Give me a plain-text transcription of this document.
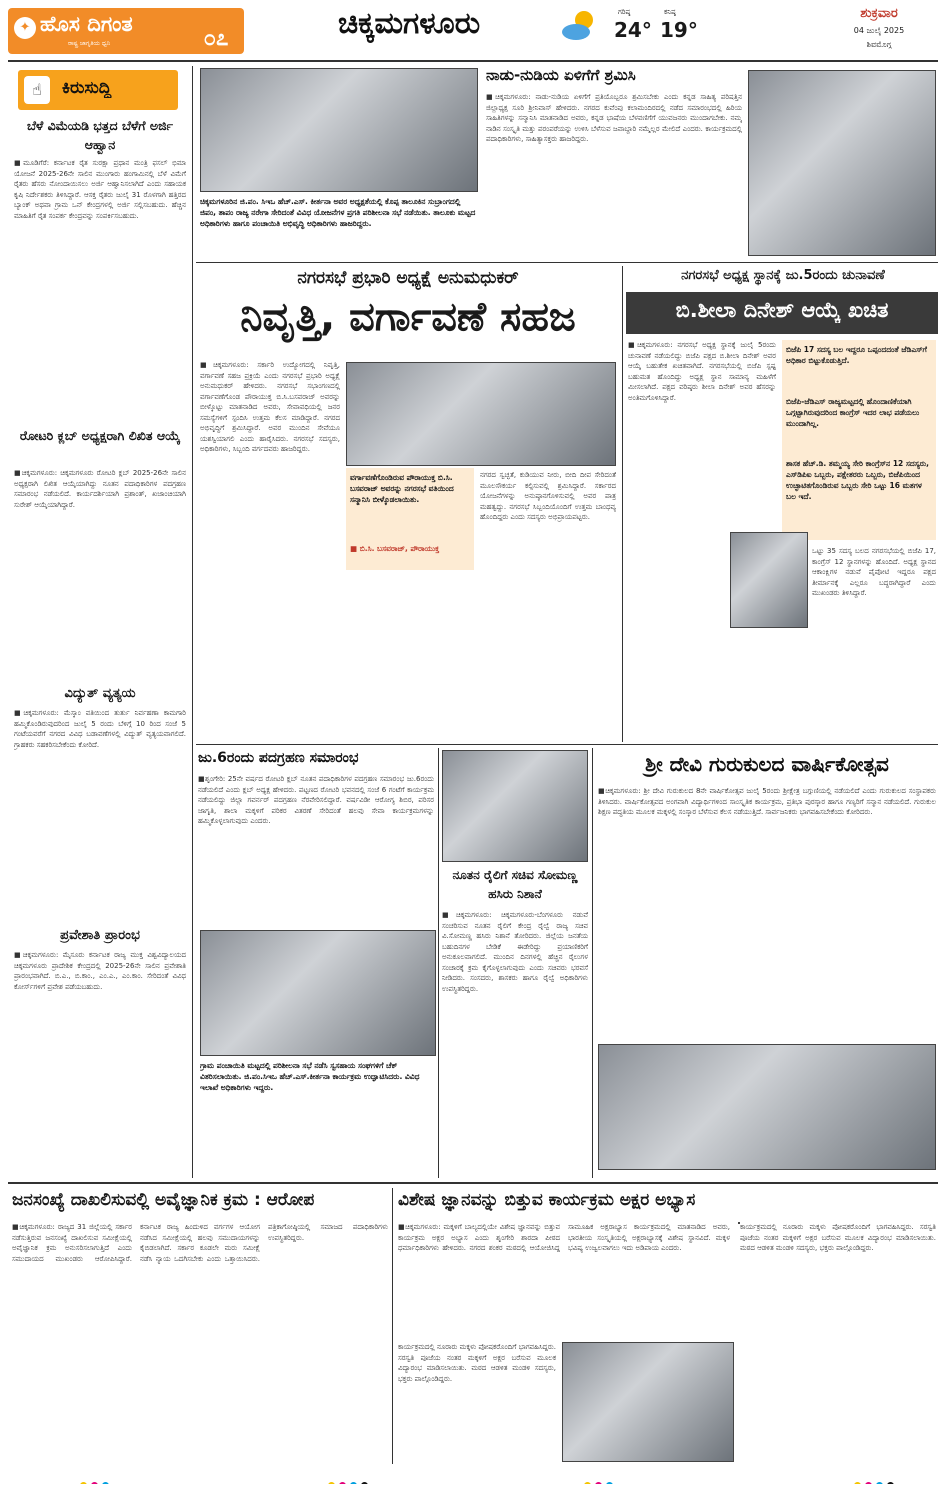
✦ ಹೊಸ ದಿಗಂತ
ರಾಷ್ಟ್ರ ಜಾಗೃತಿಯ ಧ್ವನಿ	೦೭	ಚಿಕ್ಕಮಗಳೂರು	ಗರಿಷ್ಠ
24°
ಕನಿಷ್ಠ
19°
ಶುಕ್ರವಾರ
04 ಜುಲೈ 2025
ಶಿವಮೊಗ್ಗ
☝	ಕಿರುಸುದ್ದಿ
ಬೆಳೆ ವಿಮೆಯಡಿ ಭತ್ತದ ಬೆಳೆಗೆ ಅರ್ಜಿ ಆಹ್ವಾನ
■ಮೂಡಿಗೆರೆ: ಕರ್ನಾಟಕ ರೈತ ಸುರಕ್ಷಾ ಪ್ರಧಾನ ಮಂತ್ರಿ ಫಸಲ್ ಭಿಮಾ ಯೋಜನೆ 2025-26ನೇ ಸಾಲಿನ ಮುಂಗಾರು ಹಂಗಾಮಿನಲ್ಲಿ ಬೆಳೆ ವಿಮೆಗೆ ರೈತರು ಹೆಸರು ನೋಂದಾಯಿಸಲು ಅರ್ಜಿ ಆಹ್ವಾನಿಸಲಾಗಿದೆ ಎಂದು ಸಹಾಯಕ ಕೃಷಿ ನಿರ್ದೇಶಕರು ತಿಳಿಸಿದ್ದಾರೆ. ಆಸಕ್ತ ರೈತರು ಜುಲೈ 31 ರೊಳಗಾಗಿ ಹತ್ತಿರದ ಬ್ಯಾಂಕ್ ಅಥವಾ ಗ್ರಾಮ ಒನ್ ಕೇಂದ್ರಗಳಲ್ಲಿ ಅರ್ಜಿ ಸಲ್ಲಿಸಬಹುದು. ಹೆಚ್ಚಿನ ಮಾಹಿತಿಗೆ ರೈತ ಸಂಪರ್ಕ ಕೇಂದ್ರವನ್ನು ಸಂಪರ್ಕಿಸಬಹುದು.
ರೋಟರಿ ಕ್ಲಬ್ ಅಧ್ಯಕ್ಷರಾಗಿ ಲಿಖಿತ ಆಯ್ಕೆ
■ಚಿಕ್ಕಮಗಳೂರು: ಚಿಕ್ಕಮಗಳೂರು ರೋಟರಿ ಕ್ಲಬ್ 2025-26ನೇ ಸಾಲಿನ ಅಧ್ಯಕ್ಷರಾಗಿ ಲಿಖಿತ ಆಯ್ಕೆಯಾಗಿದ್ದು ನೂತನ ಪದಾಧಿಕಾರಿಗಳ ಪದಗ್ರಹಣ ಸಮಾರಂಭ ನಡೆಯಲಿದೆ. ಕಾರ್ಯದರ್ಶಿಯಾಗಿ ಪ್ರಶಾಂತ್, ಖಜಾಂಚಿಯಾಗಿ ಸುರೇಶ್ ಆಯ್ಕೆಯಾಗಿದ್ದಾರೆ.
ವಿದ್ಯುತ್ ವ್ಯತ್ಯಯ
■ಚಿಕ್ಕಮಗಳೂರು: ಮೆಸ್ಕಾಂ ವತಿಯಿಂದ ತುರ್ತು ನಿರ್ವಹಣಾ ಕಾಮಗಾರಿ ಹಮ್ಮಿಕೊಂಡಿರುವುದರಿಂದ ಜುಲೈ 5 ರಂದು ಬೆಳಿಗ್ಗೆ 10 ರಿಂದ ಸಂಜೆ 5 ಗಂಟೆಯವರೆಗೆ ನಗರದ ವಿವಿಧ ಬಡಾವಣೆಗಳಲ್ಲಿ ವಿದ್ಯುತ್ ವ್ಯತ್ಯಯವಾಗಲಿದೆ. ಗ್ರಾಹಕರು ಸಹಕರಿಸಬೇಕೆಂದು ಕೋರಿದೆ.
ಪ್ರವೇಶಾತಿ ಪ್ರಾರಂಭ
■ಚಿಕ್ಕಮಗಳೂರು: ಮೈಸೂರು ಕರ್ನಾಟಕ ರಾಜ್ಯ ಮುಕ್ತ ವಿಶ್ವವಿದ್ಯಾಲಯದ ಚಿಕ್ಕಮಗಳೂರು ಪ್ರಾದೇಶಿಕ ಕೇಂದ್ರದಲ್ಲಿ 2025-26ನೇ ಸಾಲಿನ ಪ್ರವೇಶಾತಿ ಪ್ರಾರಂಭವಾಗಿದೆ. ಬಿ.ಎ., ಬಿ.ಕಾಂ., ಎಂ.ಎ., ಎಂ.ಕಾಂ. ಸೇರಿದಂತೆ ವಿವಿಧ ಕೋರ್ಸ್‌ಗಳಿಗೆ ಪ್ರವೇಶ ಪಡೆಯಬಹುದು.
ಚಿಕ್ಕಮಗಳೂರಿನ ಜಿ.ಪಂ. ಸಿಇಒ ಹೆಚ್.ಎಸ್. ಕೀರ್ತನಾ ಅವರ ಅಧ್ಯಕ್ಷತೆಯಲ್ಲಿ ಕೊಪ್ಪ ತಾಲೂಕಿನ ಸುಬ್ರಾಂಗದಲ್ಲಿ ಜಿಪಂ, ತಾಪಂ ರಾಜ್ಯ ನರೇಗಾ ಸೇರಿದಂತೆ ವಿವಿಧ ಯೋಜನೆಗಳ ಪ್ರಗತಿ ಪರಿಶೀಲನಾ ಸಭೆ ನಡೆಯಿತು. ತಾಲೂಕು ಮಟ್ಟದ ಅಧಿಕಾರಿಗಳು ಹಾಗೂ ಪಂಚಾಯಿತಿ ಅಭಿವೃದ್ಧಿ ಅಧಿಕಾರಿಗಳು ಹಾಜರಿದ್ದರು.
ನಾಡು-ನುಡಿಯ ಏಳಿಗೆಗೆ ಶ್ರಮಿಸಿ
■ಚಿಕ್ಕಮಗಳೂರು: ನಾಡು-ನುಡಿಯ ಏಳಿಗೆಗೆ ಪ್ರತಿಯೊಬ್ಬರೂ ಶ್ರಮಿಸಬೇಕು ಎಂದು ಕನ್ನಡ ಸಾಹಿತ್ಯ ಪರಿಷತ್ತಿನ ಜಿಲ್ಲಾಧ್ಯಕ್ಷ ಸೂರಿ ಶ್ರೀನಿವಾಸ್ ಹೇಳಿದರು. ನಗರದ ಕುವೆಂಪು ಕಲಾಮಂದಿರದಲ್ಲಿ ನಡೆದ ಸಮಾರಂಭದಲ್ಲಿ ಹಿರಿಯ ಸಾಹಿತಿಗಳನ್ನು ಸನ್ಮಾನಿಸಿ ಮಾತನಾಡಿದ ಅವರು, ಕನ್ನಡ ಭಾಷೆಯ ಬೆಳವಣಿಗೆಗೆ ಯುವಜನರು ಮುಂದಾಗಬೇಕು. ನಮ್ಮ ನಾಡಿನ ಸಂಸ್ಕೃತಿ ಮತ್ತು ಪರಂಪರೆಯನ್ನು ಉಳಿಸಿ ಬೆಳೆಸುವ ಜವಾಬ್ದಾರಿ ನಮ್ಮೆಲ್ಲರ ಮೇಲಿದೆ ಎಂದರು. ಕಾರ್ಯಕ್ರಮದಲ್ಲಿ ಪದಾಧಿಕಾರಿಗಳು, ಸಾಹಿತ್ಯಾಸಕ್ತರು ಹಾಜರಿದ್ದರು.
ನಗರಸಭೆ ಪ್ರಭಾರಿ ಅಧ್ಯಕ್ಷೆ ಅನುಮಧುಕರ್
ನಿವೃತ್ತಿ, ವರ್ಗಾವಣೆ ಸಹಜ
■ಚಿಕ್ಕಮಗಳೂರು: ಸರ್ಕಾರಿ ಉದ್ಯೋಗದಲ್ಲಿ ನಿವೃತ್ತಿ, ವರ್ಗಾವಣೆ ಸಹಜ ಪ್ರಕ್ರಿಯೆ ಎಂದು ನಗರಸಭೆ ಪ್ರಭಾರಿ ಅಧ್ಯಕ್ಷೆ ಅನುಮಧುಕರ್ ಹೇಳಿದರು. ನಗರಸಭೆ ಸಭಾಂಗಣದಲ್ಲಿ ವರ್ಗಾವಣೆಗೊಂಡ ಪೌರಾಯುಕ್ತ ಬಿ.ಸಿ.ಬಸವರಾಜ್ ಅವರನ್ನು ಬೀಳ್ಕೊಟ್ಟು ಮಾತನಾಡಿದ ಅವರು, ಸೇವಾವಧಿಯಲ್ಲಿ ಜನರ ಸಮಸ್ಯೆಗಳಿಗೆ ಸ್ಪಂದಿಸಿ ಉತ್ತಮ ಕೆಲಸ ಮಾಡಿದ್ದಾರೆ. ನಗರದ ಅಭಿವೃದ್ಧಿಗೆ ಶ್ರಮಿಸಿದ್ದಾರೆ. ಅವರ ಮುಂದಿನ ಸೇವೆಯೂ ಯಶಸ್ವಿಯಾಗಲಿ ಎಂದು ಹಾರೈಸಿದರು. ನಗರಸಭೆ ಸದಸ್ಯರು, ಅಧಿಕಾರಿಗಳು, ಸಿಬ್ಬಂದಿ ವರ್ಗದವರು ಹಾಜರಿದ್ದರು.
ವರ್ಗಾವಣೆಗೊಂಡಿರುವ ಪೌರಾಯುಕ್ತ ಬಿ.ಸಿ. ಬಸವರಾಜ್ ಅವರನ್ನು ನಗರಸಭೆ ವತಿಯಿಂದ ಸನ್ಮಾನಿಸಿ ಬೀಳ್ಕೊಡಲಾಯಿತು.
■ ಬಿ.ಸಿ. ಬಸವರಾಜ್, ಪೌರಾಯುಕ್ತ
ನಗರದ ಸ್ವಚ್ಛತೆ, ಕುಡಿಯುವ ನೀರು, ಬೀದಿ ದೀಪ ಸೇರಿದಂತೆ ಮೂಲಸೌಕರ್ಯ ಕಲ್ಪಿಸುವಲ್ಲಿ ಶ್ರಮಿಸಿದ್ದಾರೆ. ಸರ್ಕಾರದ ಯೋಜನೆಗಳನ್ನು ಅನುಷ್ಠಾನಗೊಳಿಸುವಲ್ಲಿ ಅವರ ಪಾತ್ರ ಮಹತ್ವದ್ದು. ನಗರಸಭೆ ಸಿಬ್ಬಂದಿಯೊಂದಿಗೆ ಉತ್ತಮ ಬಾಂಧವ್ಯ ಹೊಂದಿದ್ದರು ಎಂದು ಸದಸ್ಯರು ಅಭಿಪ್ರಾಯಪಟ್ಟರು.
ನಗರಸಭೆ ಅಧ್ಯಕ್ಷ ಸ್ಥಾನಕ್ಕೆ ಜು.5ರಂದು ಚುನಾವಣೆ
ಬಿ.ಶೀಲಾ ದಿನೇಶ್ ಆಯ್ಕೆ ಖಚಿತ
■ಚಿಕ್ಕಮಗಳೂರು: ನಗರಸಭೆ ಅಧ್ಯಕ್ಷ ಸ್ಥಾನಕ್ಕೆ ಜುಲೈ 5ರಂದು ಚುನಾವಣೆ ನಡೆಯಲಿದ್ದು ಬಿಜೆಪಿ ಪಕ್ಷದ ಬಿ.ಶೀಲಾ ದಿನೇಶ್ ಅವರ ಆಯ್ಕೆ ಬಹುತೇಕ ಖಚಿತವಾಗಿದೆ. ನಗರಸಭೆಯಲ್ಲಿ ಬಿಜೆಪಿ ಸ್ಪಷ್ಟ ಬಹುಮತ ಹೊಂದಿದ್ದು ಅಧ್ಯಕ್ಷ ಸ್ಥಾನ ಸಾಮಾನ್ಯ ಮಹಿಳೆಗೆ ಮೀಸಲಾಗಿದೆ. ಪಕ್ಷದ ವರಿಷ್ಠರು ಶೀಲಾ ದಿನೇಶ್ ಅವರ ಹೆಸರನ್ನು ಅಂತಿಮಗೊಳಿಸಿದ್ದಾರೆ.
ಬಿಜೆಪಿ 17 ಸದಸ್ಯ ಬಲ ಇದ್ದರೂ ಒಪ್ಪಂದದಂತೆ ಜೆಡಿಎಸ್‌ಗೆ ಅಧಿಕಾರ ಬಿಟ್ಟುಕೊಡುತ್ತಿದೆ.
ಬಿಜೆಪಿ-ಜೆಡಿಎಸ್ ರಾಜ್ಯಮಟ್ಟದಲ್ಲಿ ಹೊಂದಾಣಿಕೆಯಾಗಿ ಒಗ್ಗಟ್ಟಾಗಿರುವುದರಿಂದ ಕಾಂಗ್ರೆಸ್ ಇದರ ಲಾಭ ಪಡೆಯಲು ಮುಂದಾಗಿಲ್ಲ.
ಶಾಸಕ ಹೆಚ್.ಡಿ. ತಮ್ಮಯ್ಯ ಸೇರಿ ಕಾಂಗ್ರೆಸ್‌ನ 12 ಸದಸ್ಯರು, ಎಸ್‌ಡಿಪಿಐ ಒಬ್ಬರು, ಪಕ್ಷೇತರರು ಒಬ್ಬರು, ಬಿಜೆಪಿಯಿಂದ ಉಚ್ಛಾಟಿತಗೊಂಡಿರುವ ಒಬ್ಬರು ಸೇರಿ ಒಟ್ಟು 16 ಮತಗಳ ಬಲ ಇದೆ.
ಒಟ್ಟು 35 ಸದಸ್ಯ ಬಲದ ನಗರಸಭೆಯಲ್ಲಿ ಬಿಜೆಪಿ 17, ಕಾಂಗ್ರೆಸ್ 12 ಸ್ಥಾನಗಳನ್ನು ಹೊಂದಿದೆ. ಅಧ್ಯಕ್ಷ ಸ್ಥಾನದ ಆಕಾಂಕ್ಷಿಗಳ ನಡುವೆ ಪೈಪೋಟಿ ಇದ್ದರೂ ಪಕ್ಷದ ತೀರ್ಮಾನಕ್ಕೆ ಎಲ್ಲರೂ ಬದ್ಧರಾಗಿದ್ದಾರೆ ಎಂದು ಮುಖಂಡರು ತಿಳಿಸಿದ್ದಾರೆ.
ಜು.6ರಂದು ಪದಗ್ರಹಣ ಸಮಾರಂಭ
■ಶೃಂಗೇರಿ: 25ನೇ ವರ್ಷದ ರೋಟರಿ ಕ್ಲಬ್ ನೂತನ ಪದಾಧಿಕಾರಿಗಳ ಪದಗ್ರಹಣ ಸಮಾರಂಭ ಜು.6ರಂದು ನಡೆಯಲಿದೆ ಎಂದು ಕ್ಲಬ್ ಅಧ್ಯಕ್ಷ ಹೇಳಿದರು. ಪಟ್ಟಣದ ರೋಟರಿ ಭವನದಲ್ಲಿ ಸಂಜೆ 6 ಗಂಟೆಗೆ ಕಾರ್ಯಕ್ರಮ ನಡೆಯಲಿದ್ದು ಜಿಲ್ಲಾ ಗವರ್ನರ್ ಪದಗ್ರಹಣ ನೆರವೇರಿಸಲಿದ್ದಾರೆ. ವರ್ಷವಿಡೀ ಆರೋಗ್ಯ ಶಿಬಿರ, ಪರಿಸರ ಜಾಗೃತಿ, ಶಾಲಾ ಮಕ್ಕಳಿಗೆ ಪರಿಕರ ವಿತರಣೆ ಸೇರಿದಂತೆ ಹಲವು ಸೇವಾ ಕಾರ್ಯಕ್ರಮಗಳನ್ನು ಹಮ್ಮಿಕೊಳ್ಳಲಾಗುವುದು ಎಂದರು.
ಗ್ರಾಮ ಪಂಚಾಯಿತಿ ಮಟ್ಟದಲ್ಲಿ ಪರಿಶೀಲನಾ ಸಭೆ ನಡೆಸಿ ಸ್ವಸಹಾಯ ಸಂಘಗಳಿಗೆ ಚೆಕ್ ವಿತರಿಸಲಾಯಿತು. ಜಿ.ಪಂ.ಸಿಇಒ ಹೆಚ್.ಎಸ್.ಕೀರ್ತನಾ ಕಾರ್ಯಕ್ರಮ ಉದ್ಘಾಟಿಸಿದರು. ವಿವಿಧ ಇಲಾಖೆ ಅಧಿಕಾರಿಗಳು ಇದ್ದರು.
ನೂತನ ರೈಲಿಗೆ ಸಚಿವ ಸೋಮಣ್ಣ ಹಸಿರು ನಿಶಾನೆ
■ಚಿಕ್ಕಮಗಳೂರು: ಚಿಕ್ಕಮಗಳೂರು-ಬೆಂಗಳೂರು ನಡುವೆ ಸಂಚರಿಸುವ ನೂತನ ರೈಲಿಗೆ ಕೇಂದ್ರ ರೈಲ್ವೆ ರಾಜ್ಯ ಸಚಿವ ವಿ.ಸೋಮಣ್ಣ ಹಸಿರು ನಿಶಾನೆ ತೋರಿದರು. ಜಿಲ್ಲೆಯ ಜನತೆಯ ಬಹುದಿನಗಳ ಬೇಡಿಕೆ ಈಡೇರಿದ್ದು ಪ್ರಯಾಣಿಕರಿಗೆ ಅನುಕೂಲವಾಗಲಿದೆ. ಮುಂದಿನ ದಿನಗಳಲ್ಲಿ ಹೆಚ್ಚಿನ ರೈಲುಗಳ ಸಂಚಾರಕ್ಕೆ ಕ್ರಮ ಕೈಗೊಳ್ಳಲಾಗುವುದು ಎಂದು ಸಚಿವರು ಭರವಸೆ ನೀಡಿದರು. ಸಂಸದರು, ಶಾಸಕರು ಹಾಗೂ ರೈಲ್ವೆ ಅಧಿಕಾರಿಗಳು ಉಪಸ್ಥಿತರಿದ್ದರು.
ಶ್ರೀ ದೇವಿ ಗುರುಕುಲದ ವಾರ್ಷಿಕೋತ್ಸವ
■ಚಿಕ್ಕಮಗಳೂರು: ಶ್ರೀ ದೇವಿ ಗುರುಕುಲದ 8ನೇ ವಾರ್ಷಿಕೋತ್ಸವ ಜುಲೈ 5ರಂದು ಶ್ರೀಕ್ಷೇತ್ರ ಬಗ್ಗುಣಿಯಲ್ಲಿ ನಡೆಯಲಿದೆ ಎಂದು ಗುರುಕುಲದ ಸಂಸ್ಥಾಪಕರು ತಿಳಿಸಿದರು. ವಾರ್ಷಿಕೋತ್ಸವದ ಅಂಗವಾಗಿ ವಿದ್ಯಾರ್ಥಿಗಳಿಂದ ಸಾಂಸ್ಕೃತಿಕ ಕಾರ್ಯಕ್ರಮ, ಪ್ರತಿಭಾ ಪುರಸ್ಕಾರ ಹಾಗೂ ಗಣ್ಯರಿಗೆ ಸನ್ಮಾನ ನಡೆಯಲಿದೆ. ಗುರುಕುಲ ಶಿಕ್ಷಣ ಪದ್ಧತಿಯ ಮೂಲಕ ಮಕ್ಕಳಲ್ಲಿ ಸಂಸ್ಕಾರ ಬೆಳೆಸುವ ಕೆಲಸ ನಡೆಯುತ್ತಿದೆ. ಸಾರ್ವಜನಿಕರು ಭಾಗವಹಿಸಬೇಕೆಂದು ಕೋರಿದರು.
ಜನಸಂಖ್ಯೆ ದಾಖಲಿಸುವಲ್ಲಿ ಅವೈಜ್ಞಾನಿಕ ಕ್ರಮ : ಆರೋಪ
■ಚಿಕ್ಕಮಗಳೂರು: ರಾಜ್ಯದ 31 ಜಿಲ್ಲೆಯಲ್ಲಿ ಸರ್ಕಾರ ನಡೆಸುತ್ತಿರುವ ಜನಸಂಖ್ಯೆ ದಾಖಲಿಸುವ ಸಮೀಕ್ಷೆಯಲ್ಲಿ ಅವೈಜ್ಞಾನಿಕ ಕ್ರಮ ಅನುಸರಿಸಲಾಗುತ್ತಿದೆ ಎಂದು ಸಮುದಾಯದ ಮುಖಂಡರು ಆರೋಪಿಸಿದ್ದಾರೆ. ಕರ್ನಾಟಕ ರಾಜ್ಯ ಹಿಂದುಳಿದ ವರ್ಗಗಳ ಆಯೋಗ ನಡೆಸಿದ ಸಮೀಕ್ಷೆಯಲ್ಲಿ ಹಲವು ಸಮುದಾಯಗಳನ್ನು ಕೈಬಿಡಲಾಗಿದೆ. ಸರ್ಕಾರ ಕೂಡಲೇ ಮರು ಸಮೀಕ್ಷೆ ನಡೆಸಿ ನ್ಯಾಯ ಒದಗಿಸಬೇಕು ಎಂದು ಒತ್ತಾಯಿಸಿದರು. ಪತ್ರಿಕಾಗೋಷ್ಠಿಯಲ್ಲಿ ಸಮಾಜದ ಪದಾಧಿಕಾರಿಗಳು ಉಪಸ್ಥಿತರಿದ್ದರು.
ವಿಶೇಷ ಜ್ಞಾನವನ್ನು ಬಿತ್ತುವ ಕಾರ್ಯಕ್ರಮ ಅಕ್ಷರ ಅಭ್ಯಾಸ
■ಚಿಕ್ಕಮಗಳೂರು: ಮಕ್ಕಳಿಗೆ ಬಾಲ್ಯದಲ್ಲಿಯೇ ವಿಶೇಷ ಜ್ಞಾನವನ್ನು ಬಿತ್ತುವ ಕಾರ್ಯಕ್ರಮ ಅಕ್ಷರ ಅಭ್ಯಾಸ ಎಂದು ಶೃಂಗೇರಿ ಶಾರದಾ ಪೀಠದ ಧರ್ಮಾಧಿಕಾರಿಗಳು ಹೇಳಿದರು. ನಗರದ ಶಂಕರ ಮಠದಲ್ಲಿ ಆಯೋಜಿಸಿದ್ದ ಸಾಮೂಹಿಕ ಅಕ್ಷರಾಭ್ಯಾಸ ಕಾರ್ಯಕ್ರಮದಲ್ಲಿ ಮಾತನಾಡಿದ ಅವರು, ಭಾರತೀಯ ಸಂಸ್ಕೃತಿಯಲ್ಲಿ ಅಕ್ಷರಾಭ್ಯಾಸಕ್ಕೆ ವಿಶೇಷ ಸ್ಥಾನವಿದೆ. ಮಕ್ಕಳ ಭವಿಷ್ಯ ಉಜ್ವಲವಾಗಲು ಇದು ಅಡಿಪಾಯ ಎಂದರು.
ಕಾರ್ಯಕ್ರಮದಲ್ಲಿ ನೂರಾರು ಮಕ್ಕಳು ಪೋಷಕರೊಂದಿಗೆ ಭಾಗವಹಿಸಿದ್ದರು. ಸರಸ್ವತಿ ಪೂಜೆಯ ನಂತರ ಮಕ್ಕಳಿಗೆ ಅಕ್ಷರ ಬರೆಸುವ ಮೂಲಕ ವಿದ್ಯಾರಂಭ ಮಾಡಿಸಲಾಯಿತು. ಮಠದ ಆಡಳಿತ ಮಂಡಳಿ ಸದಸ್ಯರು, ಭಕ್ತರು ಪಾಲ್ಗೊಂಡಿದ್ದರು.
ಕಾರ್ಯಕ್ರಮದಲ್ಲಿ ನೂರಾರು ಮಕ್ಕಳು ಪೋಷಕರೊಂದಿಗೆ ಭಾಗವಹಿಸಿದ್ದರು. ಸರಸ್ವತಿ ಪೂಜೆಯ ನಂತರ ಮಕ್ಕಳಿಗೆ ಅಕ್ಷರ ಬರೆಸುವ ಮೂಲಕ ವಿದ್ಯಾರಂಭ ಮಾಡಿಸಲಾಯಿತು. ಮಠದ ಆಡಳಿತ ಮಂಡಳಿ ಸದಸ್ಯರು, ಭಕ್ತರು ಪಾಲ್ಗೊಂಡಿದ್ದರು.
